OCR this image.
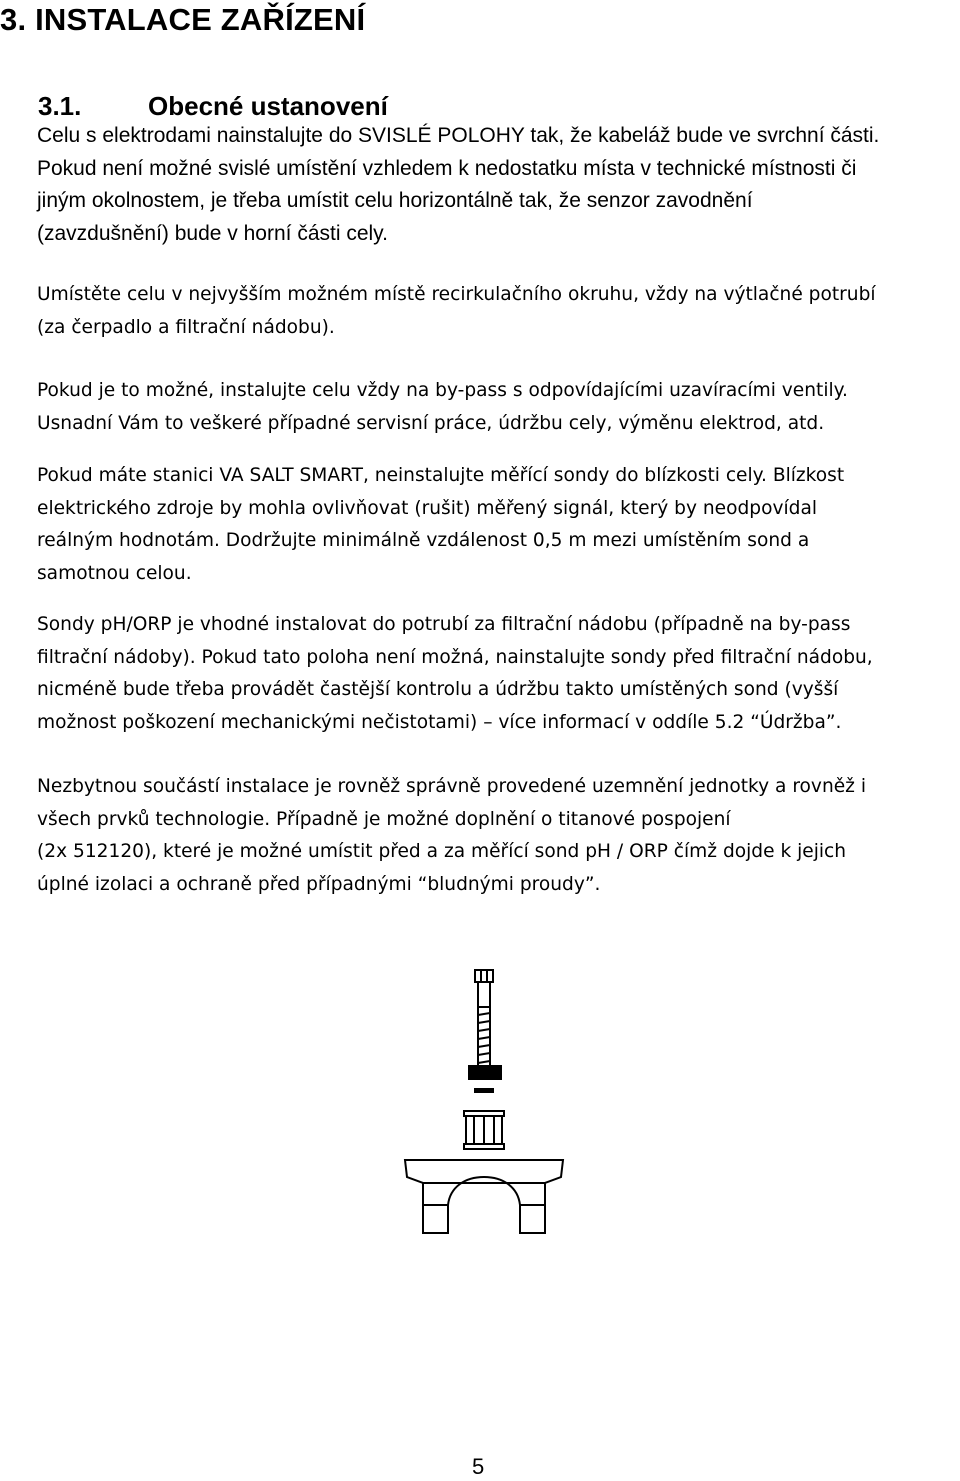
3. INSTALACE ZAŘÍZENÍ
3.1.	Obecné ustanovení
Celu s elektrodami nainstalujte do SVISLÉ POLOHY tak, že kabeláž bude ve svrchní části.
Pokud není možné svislé umístění vzhledem k nedostatku místa v technické místnosti či
jiným okolnostem, je třeba umístit celu horizontálně tak, že senzor zavodnění
(zavzdušnění) bude v horní části cely.
Umístěte celu v nejvyšším možném místě recirkulačního okruhu, vždy na výtlačné potrubí
(za čerpadlo a filtrační nádobu).
Pokud je to možné, instalujte celu vždy na by-pass s odpovídajícími uzavíracími ventily.
Usnadní Vám to veškeré případné servisní práce, údržbu cely, výměnu elektrod, atd.
Pokud máte stanici VA SALT SMART, neinstalujte měřící sondy do blízkosti cely. Blízkost
elektrického zdroje by mohla ovlivňovat (rušit) měřený signál, který by neodpovídal
reálným hodnotám. Dodržujte minimálně vzdálenost 0,5 m mezi umístěním sond a
samotnou celou.
Sondy pH/ORP je vhodné instalovat do potrubí za filtrační nádobu (případně na by-pass
filtrační nádoby). Pokud tato poloha není možná, nainstalujte sondy před filtrační nádobu,
nicméně bude třeba provádět častější kontrolu a údržbu takto umístěných sond (vyšší
možnost poškození mechanickými nečistotami) – více informací v oddíle 5.2 “Údržba”.
Nezbytnou součástí instalace je rovněž správně provedené uzemnění jednotky a rovněž i
všech prvků technologie. Případně je možné doplnění o titanové pospojení
(2x 512120), které je možné umístit před a za měřící sond pH / ORP čímž dojde k jejich
úplné izolaci a ochraně před případnými “bludnými proudy”.
5
